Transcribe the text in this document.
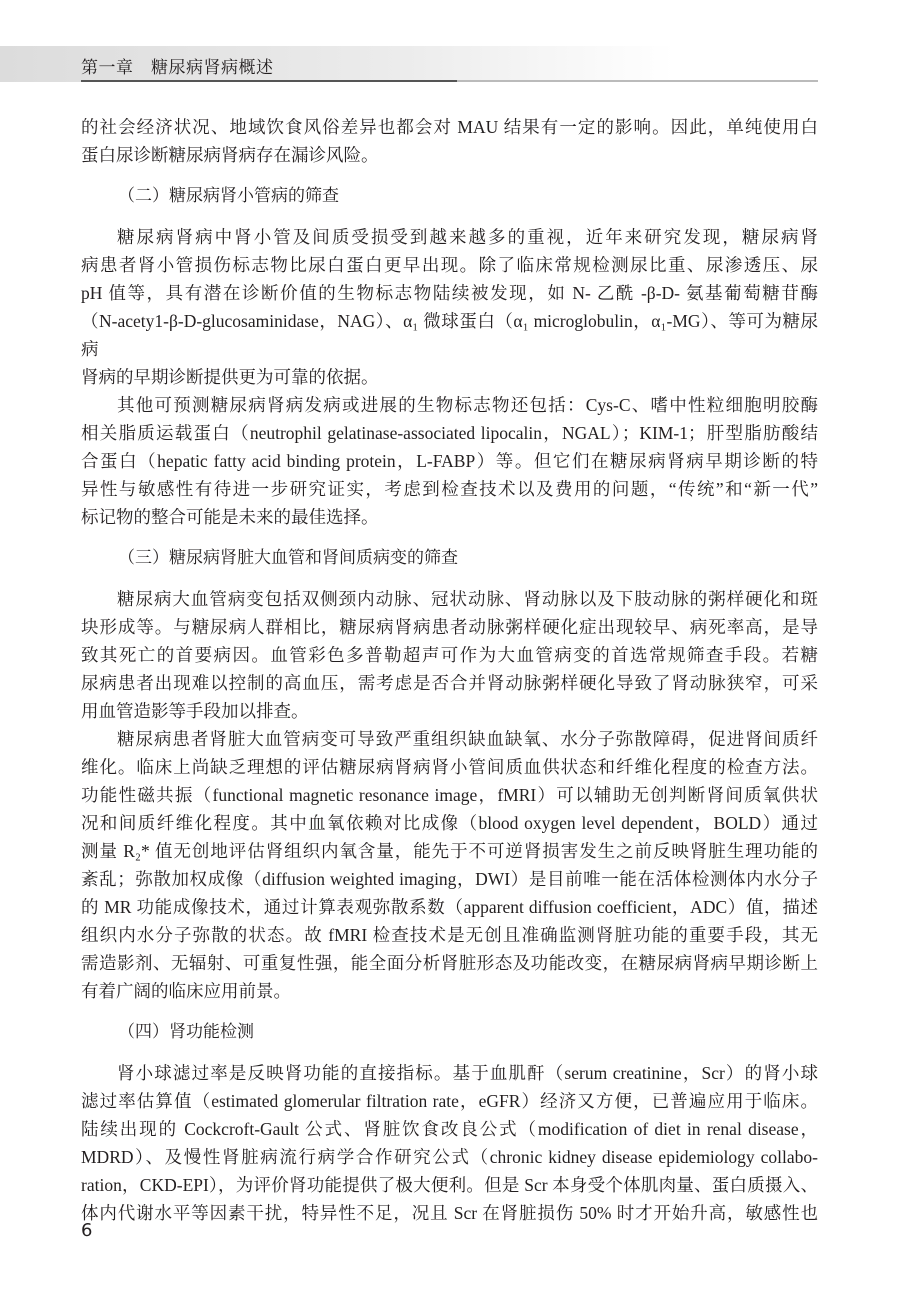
第一章　糖尿病肾病概述
的社会经济状况、地域饮食风俗差异也都会对 MAU 结果有一定的影响。因此，单纯使用白
蛋白尿诊断糖尿病肾病存在漏诊风险。
（二）糖尿病肾小管病的筛查
糖尿病肾病中肾小管及间质受损受到越来越多的重视，近年来研究发现，糖尿病肾
病患者肾小管损伤标志物比尿白蛋白更早出现。除了临床常规检测尿比重、尿渗透压、尿
pH 值等，具有潜在诊断价值的生物标志物陆续被发现，如 N- 乙酰 -β-D- 氨基葡萄糖苷酶
（N-acety1-β-D-glucosaminidase，NAG）、α₁ 微球蛋白（α₁ microglobulin，α₁-MG）、等可为糖尿病
肾病的早期诊断提供更为可靠的依据。
其他可预测糖尿病肾病发病或进展的生物标志物还包括：Cys-C、嗜中性粒细胞明胶酶
相关脂质运载蛋白（neutrophil gelatinase-associated lipocalin，NGAL）；KIM-1；肝型脂肪酸结
合蛋白（hepatic fatty acid binding protein，L-FABP）等。但它们在糖尿病肾病早期诊断的特
异性与敏感性有待进一步研究证实，考虑到检查技术以及费用的问题，“传统”和“新一代”
标记物的整合可能是未来的最佳选择。
（三）糖尿病肾脏大血管和肾间质病变的筛查
糖尿病大血管病变包括双侧颈内动脉、冠状动脉、肾动脉以及下肢动脉的粥样硬化和斑
块形成等。与糖尿病人群相比，糖尿病肾病患者动脉粥样硬化症出现较早、病死率高，是导
致其死亡的首要病因。血管彩色多普勒超声可作为大血管病变的首选常规筛查手段。若糖
尿病患者出现难以控制的高血压，需考虑是否合并肾动脉粥样硬化导致了肾动脉狭窄，可采
用血管造影等手段加以排查。
糖尿病患者肾脏大血管病变可导致严重组织缺血缺氧、水分子弥散障碍，促进肾间质纤
维化。临床上尚缺乏理想的评估糖尿病肾病肾小管间质血供状态和纤维化程度的检查方法。
功能性磁共振（functional magnetic resonance image，fMRI）可以辅助无创判断肾间质氧供状
况和间质纤维化程度。其中血氧依赖对比成像（blood oxygen level dependent，BOLD）通过
测量 R₂* 值无创地评估肾组织内氧含量，能先于不可逆肾损害发生之前反映肾脏生理功能的
紊乱；弥散加权成像（diffusion weighted imaging，DWI）是目前唯一能在活体检测体内水分子
的 MR 功能成像技术，通过计算表观弥散系数（apparent diffusion coefficient，ADC）值，描述
组织内水分子弥散的状态。故 fMRI 检查技术是无创且准确监测肾脏功能的重要手段，其无
需造影剂、无辐射、可重复性强，能全面分析肾脏形态及功能改变，在糖尿病肾病早期诊断上
有着广阔的临床应用前景。
（四）肾功能检测
肾小球滤过率是反映肾功能的直接指标。基于血肌酐（serum creatinine，Scr）的肾小球
滤过率估算值（estimated glomerular filtration rate，eGFR）经济又方便，已普遍应用于临床。
陆续出现的 Cockcroft-Gault 公式、肾脏饮食改良公式（modification of diet in renal disease，
MDRD）、及慢性肾脏病流行病学合作研究公式（chronic kidney disease epidemiology collabo-
ration，CKD-EPI），为评价肾功能提供了极大便利。但是 Scr 本身受个体肌肉量、蛋白质摄入、
体内代谢水平等因素干扰，特异性不足，况且 Scr 在肾脏损伤 50% 时才开始升高，敏感性也
6
